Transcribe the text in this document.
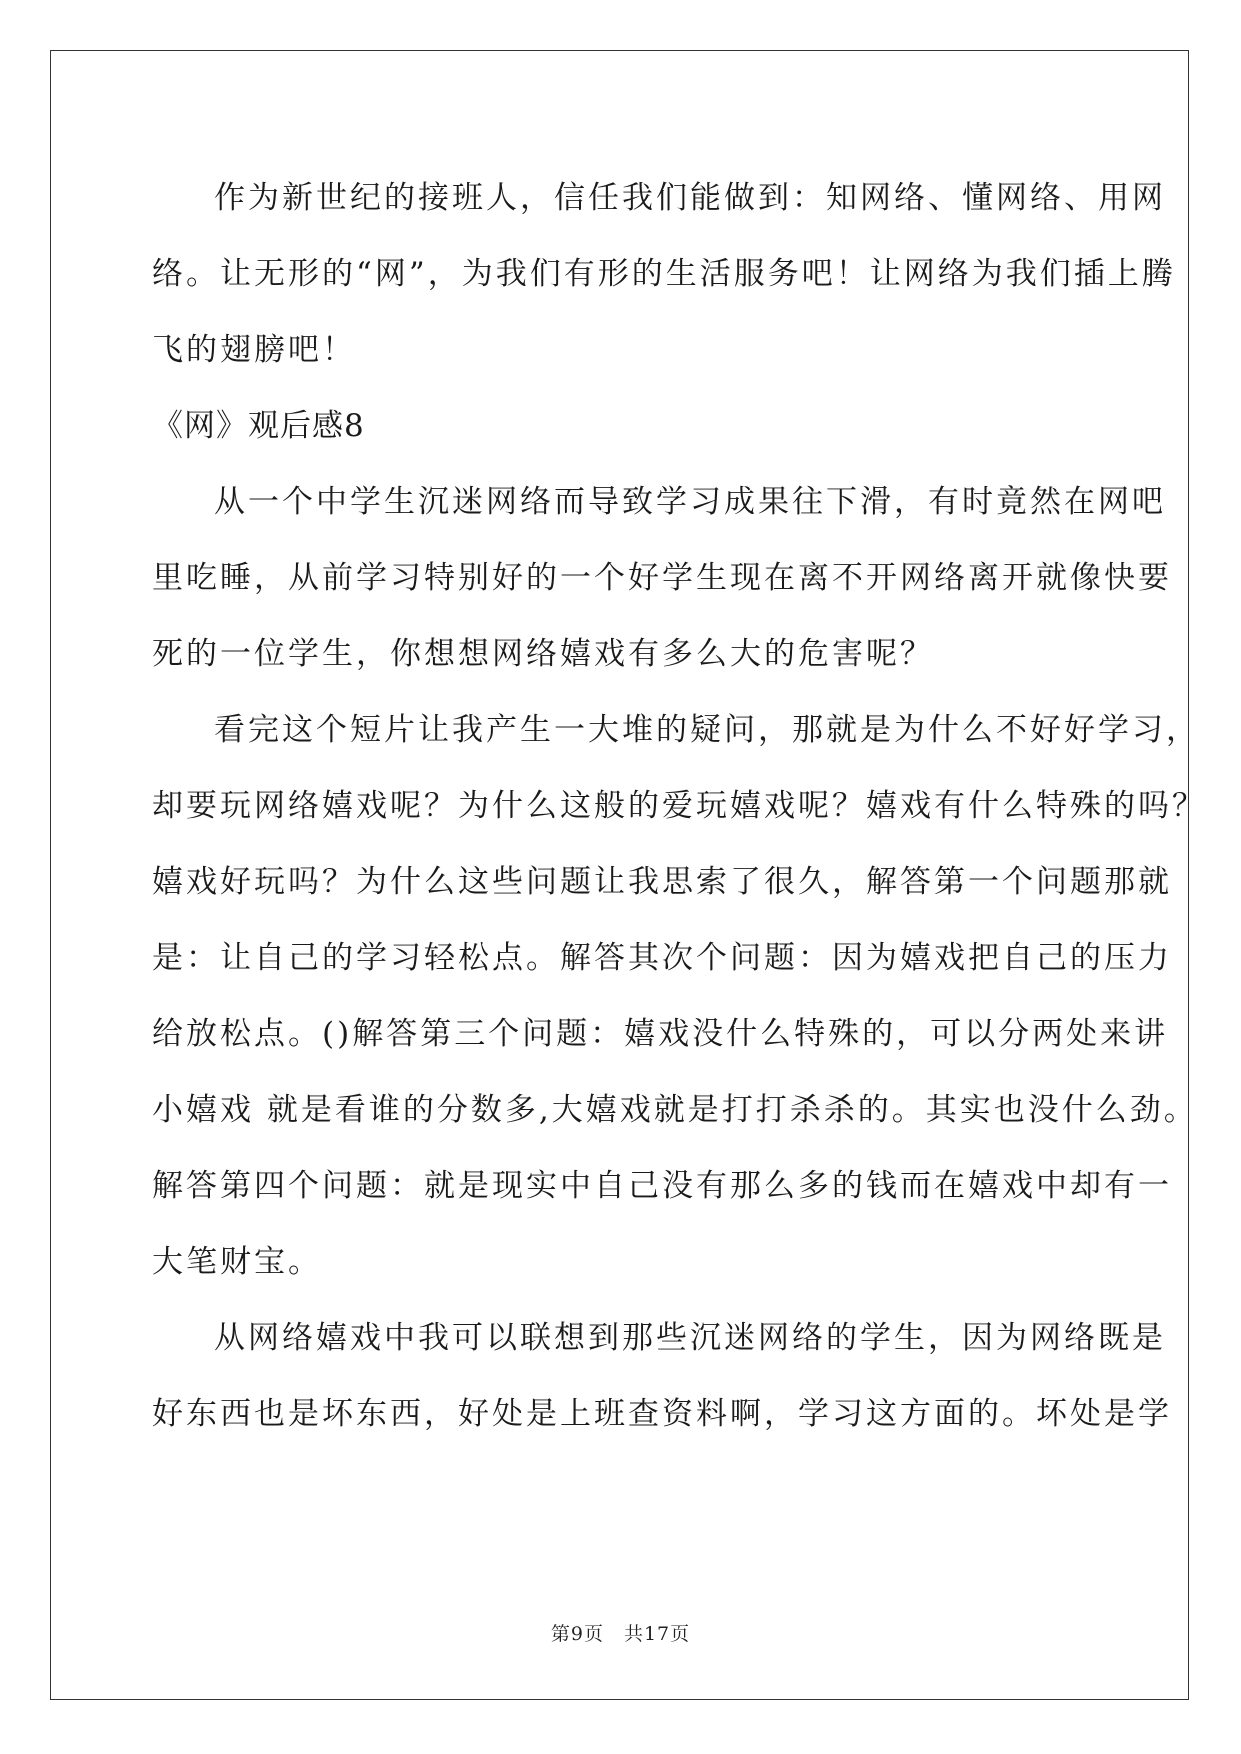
作为新世纪的接班人，信任我们能做到：知网络、懂网络、用网
络。让无形的“网”，为我们有形的生活服务吧！让网络为我们插上腾
飞的翅膀吧！
《网》观后感8
从一个中学生沉迷网络而导致学习成果往下滑，有时竟然在网吧
里吃睡，从前学习特别好的一个好学生现在离不开网络离开就像快要
死的一位学生，你想想网络嬉戏有多么大的危害呢？
看完这个短片让我产生一大堆的疑问，那就是为什么不好好学习，
却要玩网络嬉戏呢？为什么这般的爱玩嬉戏呢？嬉戏有什么特殊的吗？
嬉戏好玩吗？为什么这些问题让我思索了很久，解答第一个问题那就
是：让自己的学习轻松点。解答其次个问题：因为嬉戏把自己的压力
给放松点。()解答第三个问题：嬉戏没什么特殊的，可以分两处来讲
小嬉戏 就是看谁的分数多,大嬉戏就是打打杀杀的。其实也没什么劲。
解答第四个问题：就是现实中自己没有那么多的钱而在嬉戏中却有一
大笔财宝。
从网络嬉戏中我可以联想到那些沉迷网络的学生，因为网络既是
好东西也是坏东西，好处是上班查资料啊，学习这方面的。坏处是学
第9页　共17页
